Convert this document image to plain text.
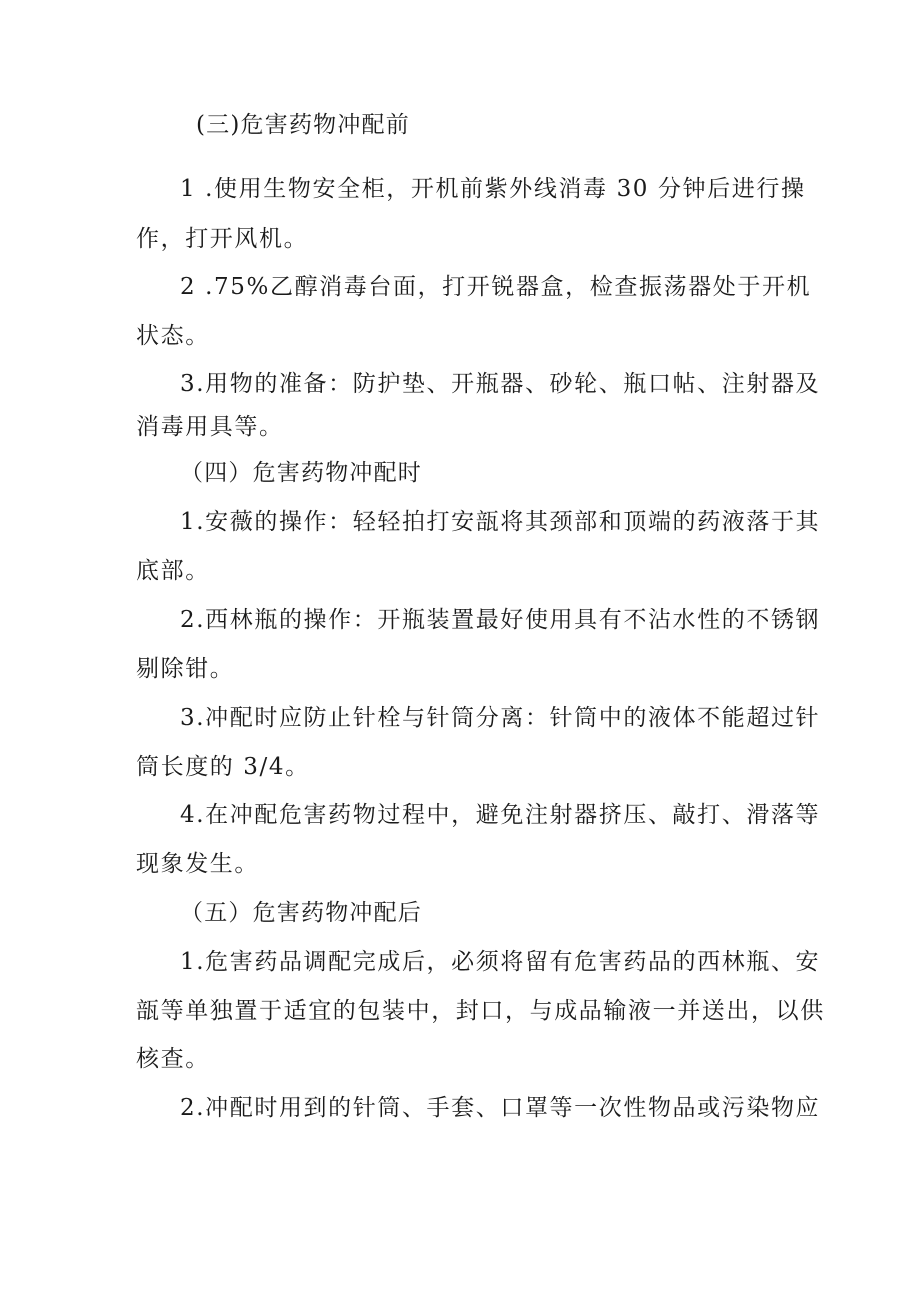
(三)危害药物冲配前
1 .使用生物安全柜，开机前紫外线消毒 30 分钟后进行操
作，打开风机。
2 .75%乙醇消毒台面，打开锐器盒，检查振荡器处于开机
状态。
3.用物的准备：防护垫、开瓶器、砂轮、瓶口帖、注射器及
消毒用具等。
（四）危害药物冲配时
1.安薇的操作：轻轻拍打安瓿将其颈部和顶端的药液落于其
底部。
2.西林瓶的操作：开瓶装置最好使用具有不沾水性的不锈钢
剔除钳。
3.冲配时应防止针栓与针筒分离：针筒中的液体不能超过针
筒长度的 3/4。
4.在冲配危害药物过程中，避免注射器挤压、敲打、滑落等
现象发生。
（五）危害药物冲配后
1.危害药品调配完成后，必须将留有危害药品的西林瓶、安
瓿等单独置于适宜的包装中，封口，与成品输液一并送出，以供
核查。
2.冲配时用到的针筒、手套、口罩等一次性物品或污染物应
